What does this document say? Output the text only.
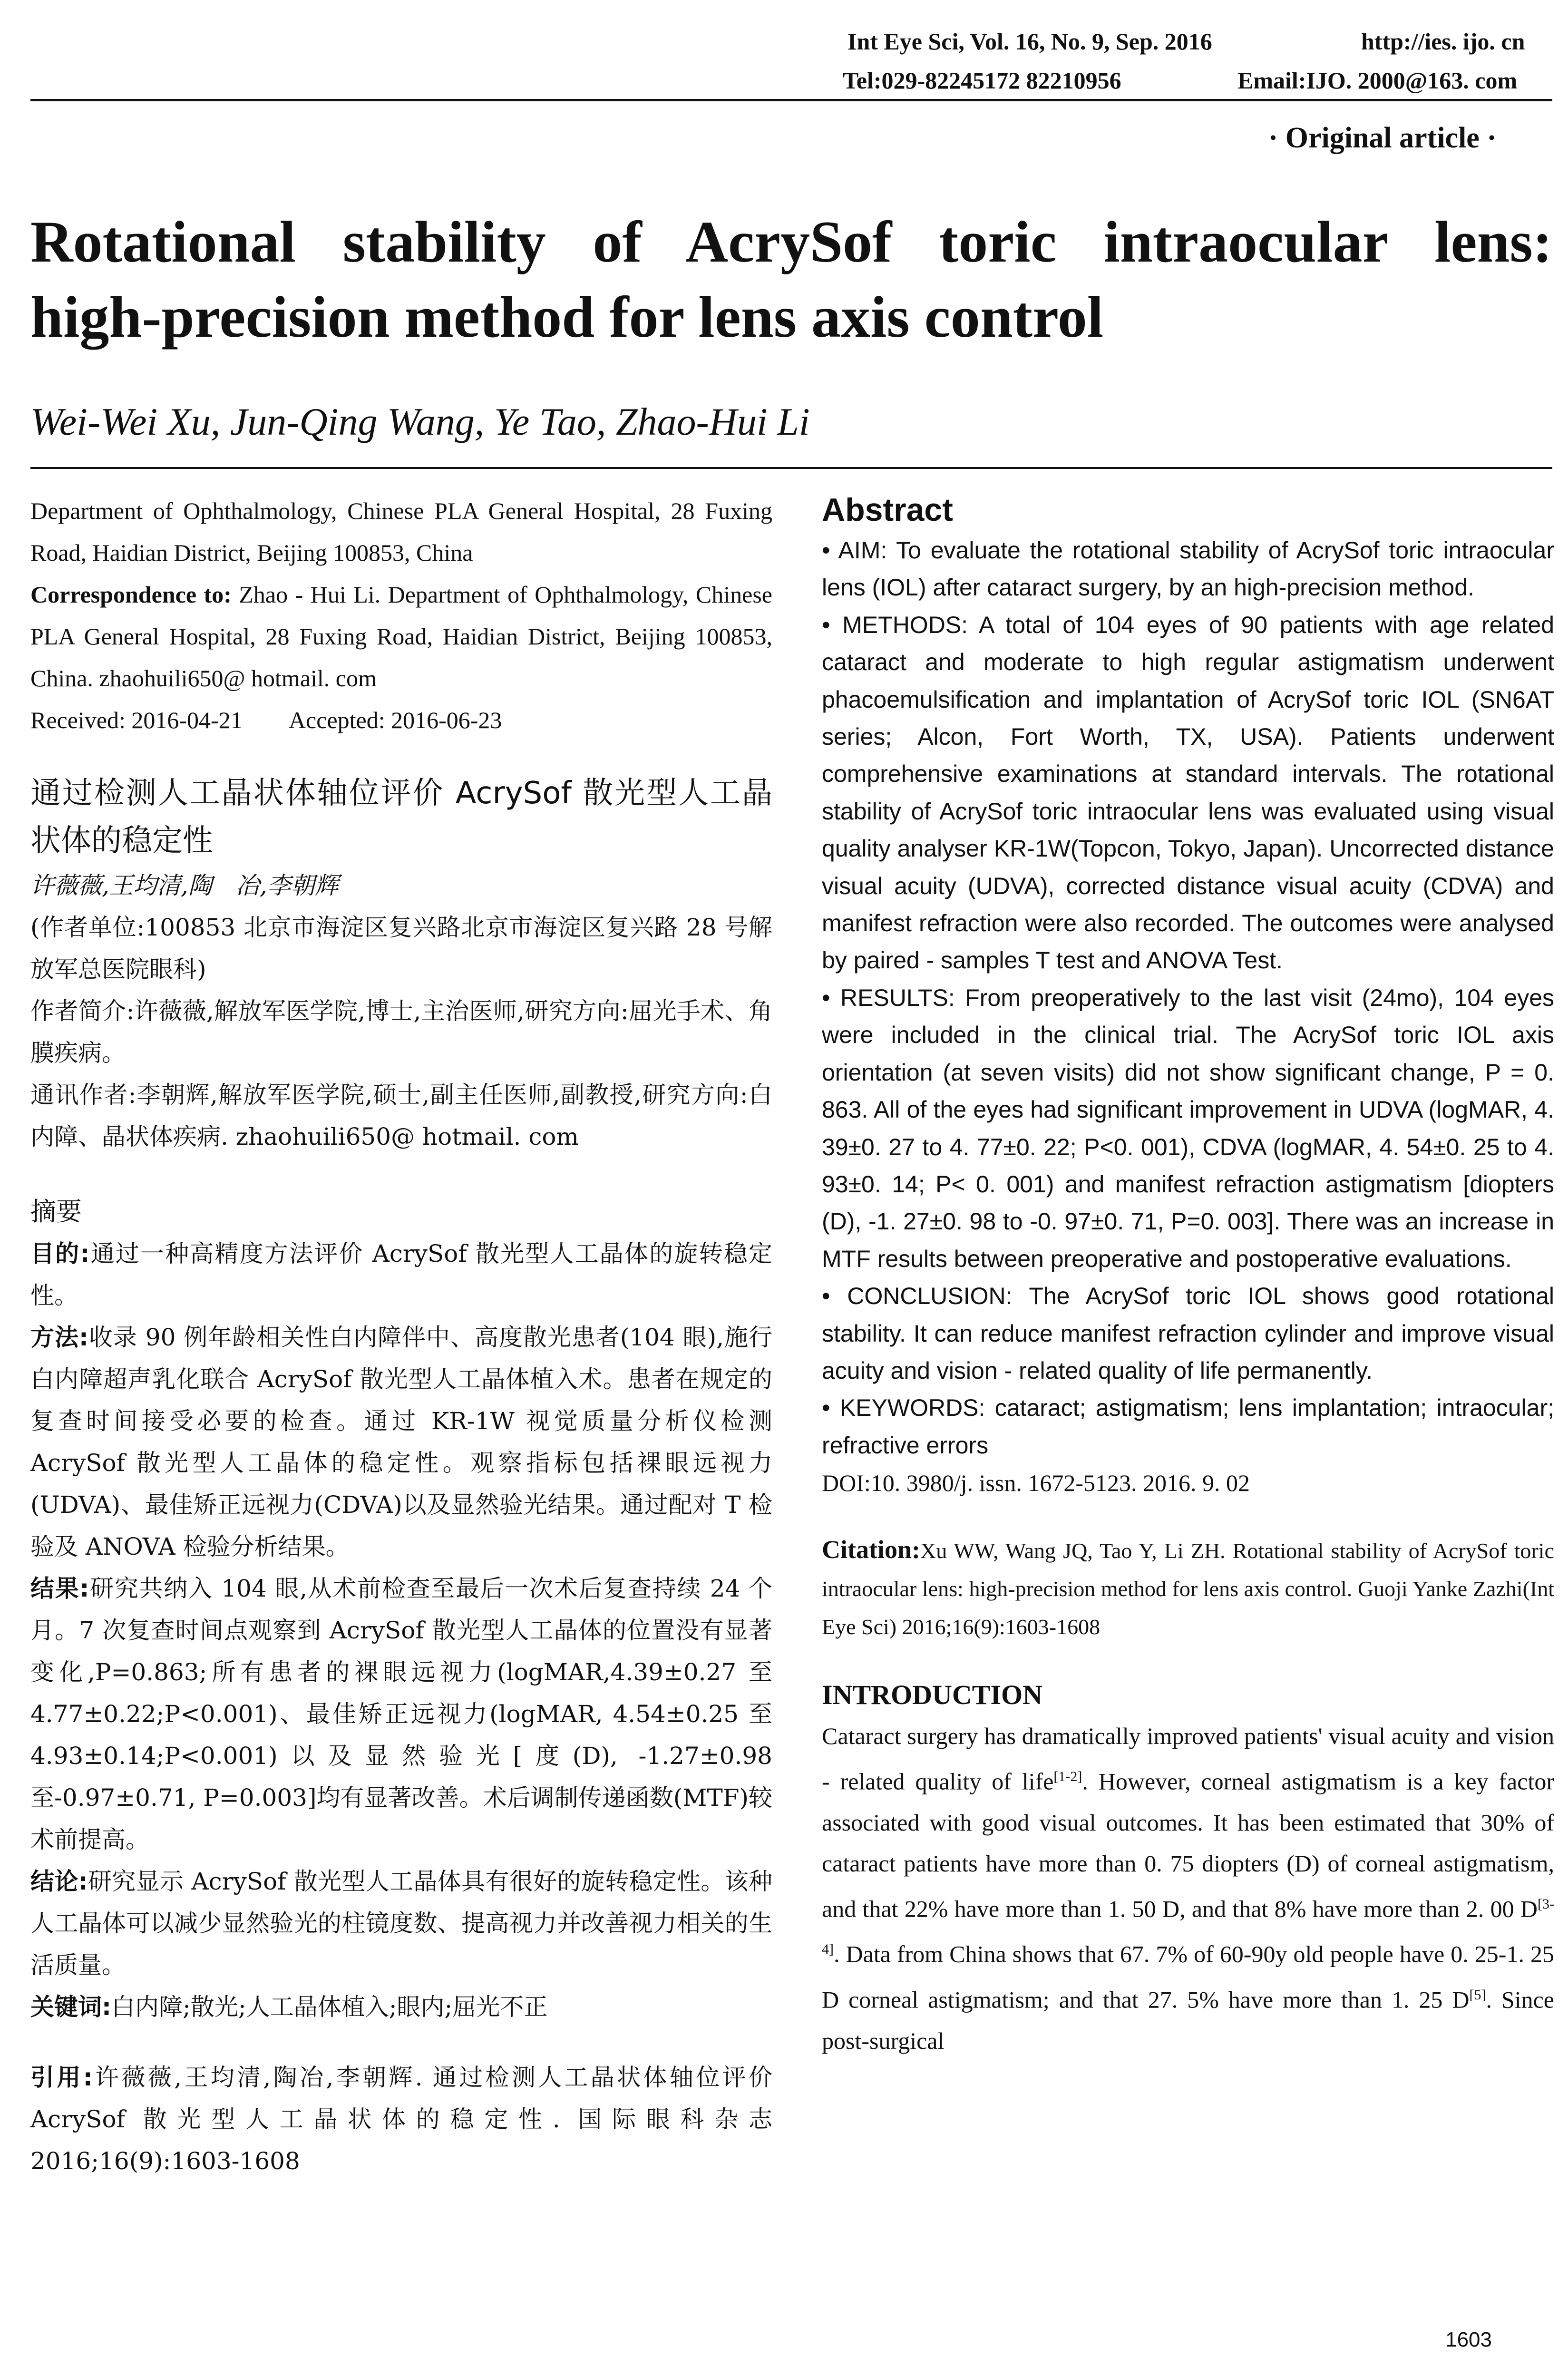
Int Eye Sci, Vol. 16, No. 9, Sep. 2016	http://ies. ijo. cn
Tel:029-82245172 82210956	Email:IJO. 2000@163. com
· Original article ·
Rotational stability of AcrySof toric intraocular lens:
high-precision method for lens axis control
Wei-Wei Xu, Jun-Qing Wang, Ye Tao, Zhao-Hui Li

Department of Ophthalmology, Chinese PLA General Hospital, 28 Fuxing Road, Haidian District, Beijing 100853, China

Correspondence to: Zhao - Hui Li. Department of Ophthalmology, Chinese PLA General Hospital, 28 Fuxing Road, Haidian District, Beijing 100853, China. zhaohuili650@ hotmail. com

Received: 2016-04-21 Accepted: 2016-06-23

通过检测人工晶状体轴位评价 AcrySof 散光型人工晶状体的稳定性

许薇薇,王均清,陶　冶,李朝辉

(作者单位:100853 北京市海淀区复兴路北京市海淀区复兴路 28 号解放军总医院眼科)

作者简介:许薇薇,解放军医学院,博士,主治医师,研究方向:屈光手术、角膜疾病。

通讯作者:李朝辉,解放军医学院,硕士,副主任医师,副教授,研究方向:白内障、晶状体疾病. zhaohuili650@ hotmail. com

摘要

目的:通过一种高精度方法评价 AcrySof 散光型人工晶体的旋转稳定性。

方法:收录 90 例年龄相关性白内障伴中、高度散光患者(104 眼),施行白内障超声乳化联合 AcrySof 散光型人工晶体植入术。患者在规定的复查时间接受必要的检查。通过 KR-1W 视觉质量分析仪检测 AcrySof 散光型人工晶体的稳定性。观察指标包括裸眼远视力(UDVA)、最佳矫正远视力(CDVA)以及显然验光结果。通过配对 T 检验及 ANOVA 检验分析结果。

结果:研究共纳入 104 眼,从术前检查至最后一次术后复查持续 24 个月。7 次复查时间点观察到 AcrySof 散光型人工晶体的位置没有显著变化,P=0.863;所有患者的裸眼远视力(logMAR,4.39±0.27 至 4.77±0.22;P<0.001)、最佳矫正远视力(logMAR, 4.54±0.25 至 4.93±0.14;P<0.001)以及显然验光[度(D), -1.27±0.98 至-0.97±0.71, P=0.003]均有显著改善。术后调制传递函数(MTF)较术前提高。

结论:研究显示 AcrySof 散光型人工晶体具有很好的旋转稳定性。该种人工晶体可以减少显然验光的柱镜度数、提高视力并改善视力相关的生活质量。

关键词:白内障;散光;人工晶体植入;眼内;屈光不正

引用:许薇薇,王均清,陶冶,李朝辉. 通过检测人工晶状体轴位评价 AcrySof 散光型人工晶状体的稳定性. 国际眼科杂志 2016;16(9):1603-1608

Abstract

• AIM: To evaluate the rotational stability of AcrySof toric intraocular lens (IOL) after cataract surgery, by an high-precision method.

• METHODS: A total of 104 eyes of 90 patients with age related cataract and moderate to high regular astigmatism underwent phacoemulsification and implantation of AcrySof toric IOL (SN6AT series; Alcon, Fort Worth, TX, USA). Patients underwent comprehensive examinations at standard intervals. The rotational stability of AcrySof toric intraocular lens was evaluated using visual quality analyser KR-1W(Topcon, Tokyo, Japan). Uncorrected distance visual acuity (UDVA), corrected distance visual acuity (CDVA) and manifest refraction were also recorded. The outcomes were analysed by paired - samples T test and ANOVA Test.

• RESULTS: From preoperatively to the last visit (24mo), 104 eyes were included in the clinical trial. The AcrySof toric IOL axis orientation (at seven visits) did not show significant change, P = 0. 863. All of the eyes had significant improvement in UDVA (logMAR, 4. 39±0. 27 to 4. 77±0. 22; P<0. 001), CDVA (logMAR, 4. 54±0. 25 to 4. 93±0. 14; P< 0. 001) and manifest refraction astigmatism [diopters (D), -1. 27±0. 98 to -0. 97±0. 71, P=0. 003]. There was an increase in MTF results between preoperative and postoperative evaluations.

• CONCLUSION: The AcrySof toric IOL shows good rotational stability. It can reduce manifest refraction cylinder and improve visual acuity and vision - related quality of life permanently.

• KEYWORDS: cataract; astigmatism; lens implantation; intraocular; refractive errors

DOI:10. 3980/j. issn. 1672-5123. 2016. 9. 02

Citation:Xu WW, Wang JQ, Tao Y, Li ZH. Rotational stability of AcrySof toric intraocular lens: high-precision method for lens axis control. Guoji Yanke Zazhi(Int Eye Sci) 2016;16(9):1603-1608

INTRODUCTION

Cataract surgery has dramatically improved patients' visual acuity and vision - related quality of life[1-2]. However, corneal astigmatism is a key factor associated with good visual outcomes. It has been estimated that 30% of cataract patients have more than 0. 75 diopters (D) of corneal astigmatism, and that 22% have more than 1. 50 D, and that 8% have more than 2. 00 D[3-4]. Data from China shows that 67. 7% of 60-90y old people have 0. 25-1. 25 D corneal astigmatism; and that 27. 5% have more than 1. 25 D[5]. Since post-surgical

1603
